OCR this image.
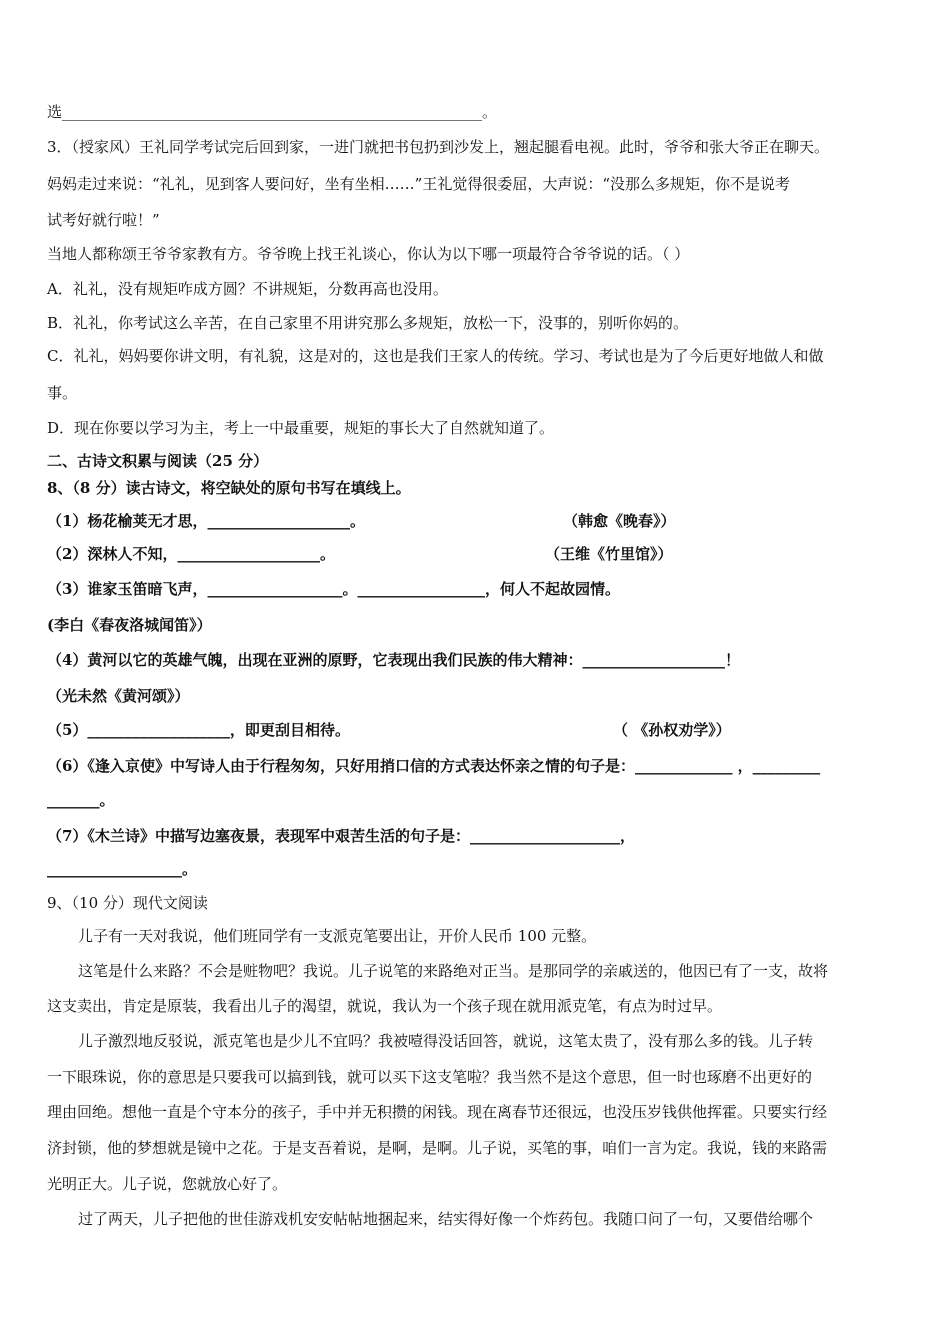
选________________________________________________________。
3．（授家风）王礼同学考试完后回到家，一进门就把书包扔到沙发上，翘起腿看电视。此时，爷爷和张大爷正在聊天。
妈妈走过来说：“礼礼，见到客人要问好，坐有坐相……”王礼觉得很委屈，大声说：“没那么多规矩，你不是说考
试考好就行啦！”
当地人都称颂王爷爷家教有方。爷爷晚上找王礼谈心，你认为以下哪一项最符合爷爷说的话。（ ）
A．礼礼，没有规矩咋成方圆？不讲规矩，分数再高也没用。
B．礼礼，你考试这么辛苦，在自己家里不用讲究那么多规矩，放松一下，没事的，别听你妈的。
C．礼礼，妈妈要你讲文明，有礼貌，这是对的，这也是我们王家人的传统。学习、考试也是为了今后更好地做人和做
事。
D．现在你要以学习为主，考上一中最重要，规矩的事长大了自然就知道了。
二、古诗文积累与阅读（25 分）
8、（8 分）读古诗文，将空缺处的原句书写在填线上。
（1）杨花榆荚无才思，___________________。	（韩愈《晚春》）
（2）深林人不知，___________________。	（王维《竹里馆》）
（3）谁家玉笛暗飞声，__________________。_________________，何人不起故园情。
(李白《春夜洛城闻笛》）
（4）黄河以它的英雄气魄，出现在亚洲的原野，它表现出我们民族的伟大精神：___________________！
（光未然《黄河颂》）
（5）___________________，即更刮目相待。	（ 《孙权劝学》）
（6）《逢入京使》中写诗人由于行程匆匆，只好用捎口信的方式表达怀亲之情的句子是：_____________ ，_________
_______。
（7）《木兰诗》中描写边塞夜景，表现军中艰苦生活的句子是：____________________，
__________________。
9、（10 分）现代文阅读
儿子有一天对我说，他们班同学有一支派克笔要出让，开价人民币 100 元整。
这笔是什么来路？不会是赃物吧？我说。儿子说笔的来路绝对正当。是那同学的亲戚送的，他因已有了一支，故将
这支卖出，肯定是原装，我看出儿子的渴望，就说，我认为一个孩子现在就用派克笔，有点为时过早。
儿子激烈地反驳说，派克笔也是少儿不宜吗？我被噎得没话回答，就说，这笔太贵了，没有那么多的钱。儿子转
一下眼珠说，你的意思是只要我可以搞到钱，就可以买下这支笔啦？我当然不是这个意思，但一时也琢磨不出更好的
理由回绝。想他一直是个守本分的孩子，手中并无积攒的闲钱。现在离春节还很远，也没压岁钱供他挥霍。只要实行经
济封锁，他的梦想就是镜中之花。于是支吾着说，是啊，是啊。儿子说，买笔的事，咱们一言为定。我说，钱的来路需
光明正大。儿子说，您就放心好了。
过了两天，儿子把他的世佳游戏机安安帖帖地捆起来，结实得好像一个炸药包。我随口问了一句，又要借给哪个
